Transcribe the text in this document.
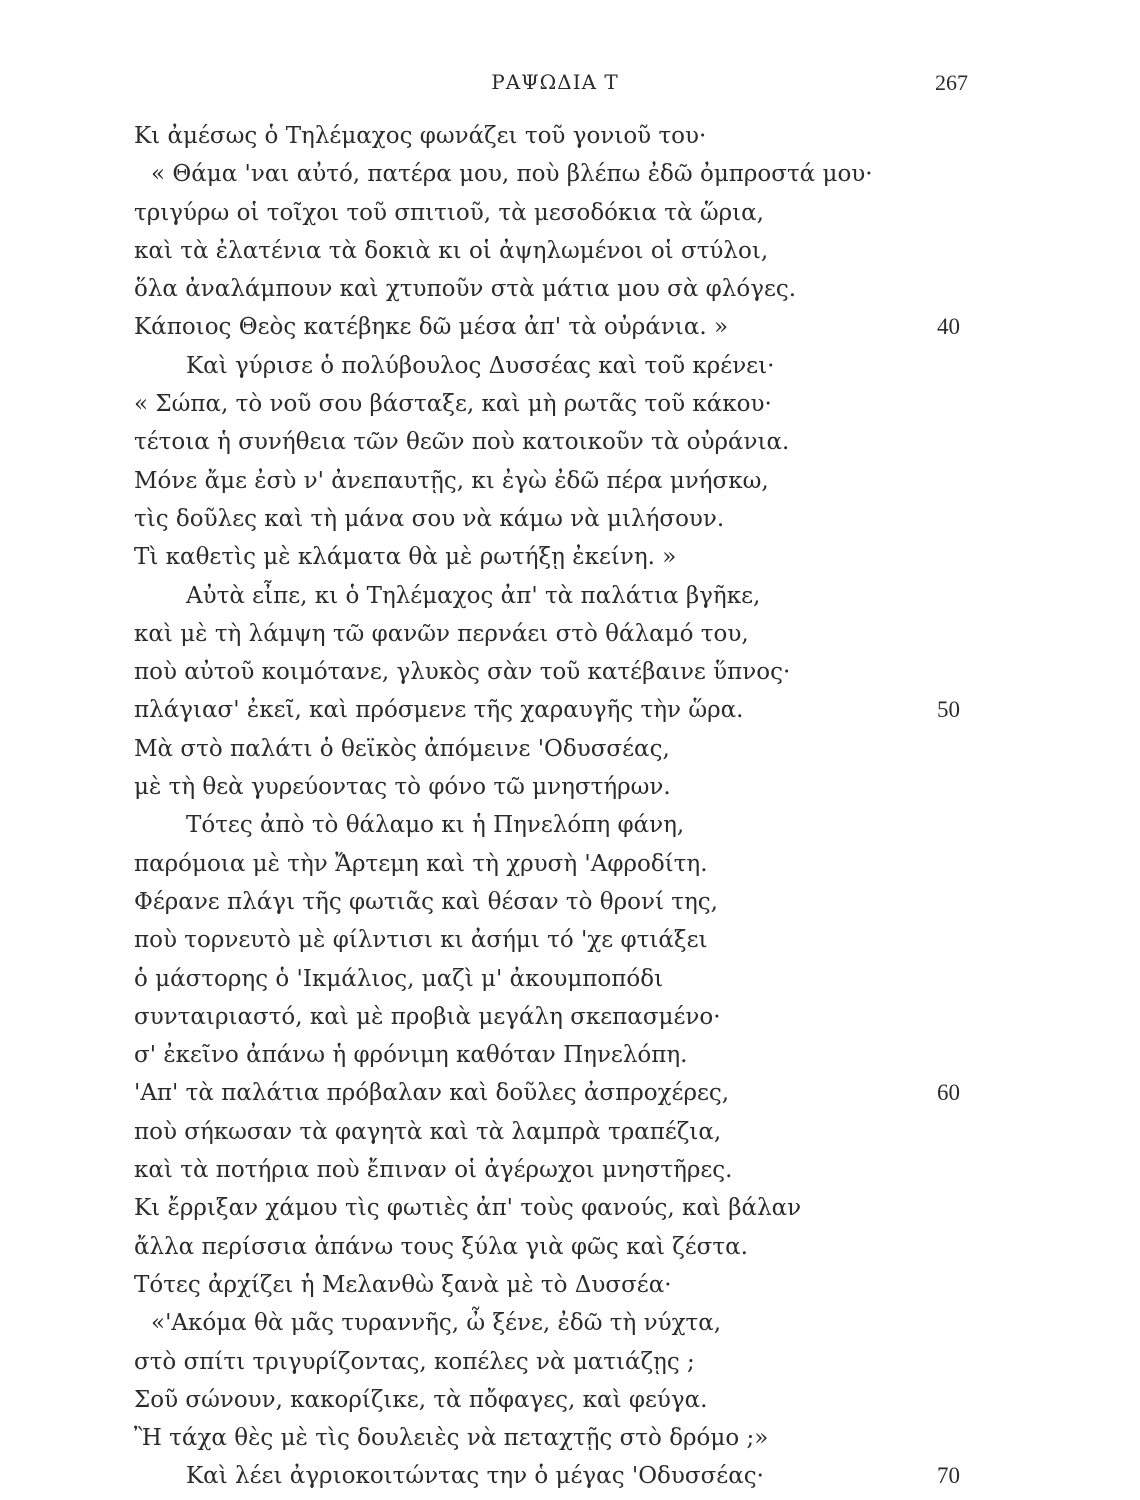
ΡΑΨΩΔΙΑ Τ	267
Κι ἀμέσως ὁ Τηλέμαχος φωνάζει τοῦ γονιοῦ του·
« Θάμα 'ναι αὐτό, πατέρα μου, ποὺ βλέπω ἐδῶ ὀμπροστά μου·
τριγύρω οἱ τοῖχοι τοῦ σπιτιοῦ, τὰ μεσοδόκια τὰ ὥρια,
καὶ τὰ ἐλατένια τὰ δοκιὰ κι οἱ ἀψηλωμένοι οἱ στύλοι,
ὅλα ἀναλάμπουν καὶ χτυποῦν στὰ μάτια μου σὰ φλόγες.
Κάποιος Θεὸς κατέβηκε δῶ μέσα ἀπ' τὰ οὐράνια. »	40
Καὶ γύρισε ὁ πολύβουλος Δυσσέας καὶ τοῦ κρένει·
« Σώπα, τὸ νοῦ σου βάσταξε, καὶ μὴ ρωτᾶς τοῦ κάκου·
τέτοια ἡ συνήθεια τῶν θεῶν ποὺ κατοικοῦν τὰ οὐράνια.
Μόνε ἄμε ἐσὺ ν' ἀνεπαυτῇς, κι ἐγὼ ἐδῶ πέρα μνήσκω,
τὶς δοῦλες καὶ τὴ μάνα σου νὰ κάμω νὰ μιλήσουν.
Τὶ καθετὶς μὲ κλάματα θὰ μὲ ρωτήξῃ ἐκείνη. »
Αὐτὰ εἶπε, κι ὁ Τηλέμαχος ἀπ' τὰ παλάτια βγῆκε,
καὶ μὲ τὴ λάμψη τῶ φανῶν περνάει στὸ θάλαμό του,
ποὺ αὐτοῦ κοιμότανε, γλυκὸς σὰν τοῦ κατέβαινε ὕπνος·
πλάγιασ' ἐκεῖ, καὶ πρόσμενε τῆς χαραυγῆς τὴν ὥρα.	50
Μὰ στὸ παλάτι ὁ θεϊκὸς ἀπόμεινε 'Οδυσσέας,
μὲ τὴ θεὰ γυρεύοντας τὸ φόνο τῶ μνηστήρων.
Τότες ἀπὸ τὸ θάλαμο κι ἡ Πηνελόπη φάνη,
παρόμοια μὲ τὴν Ἄρτεμη καὶ τὴ χρυσὴ 'Αφροδίτη.
Φέρανε πλάγι τῆς φωτιᾶς καὶ θέσαν τὸ θρονί της,
ποὺ τορνευτὸ μὲ φίλντισι κι ἀσήμι τό 'χε φτιάξει
ὁ μάστορης ὁ 'Ικμάλιος, μαζὶ μ' ἀκουμποπόδι
συνταιριαστό, καὶ μὲ προβιὰ μεγάλη σκεπασμένο·
σ' ἐκεῖνο ἀπάνω ἡ φρόνιμη καθόταν Πηνελόπη.
'Απ' τὰ παλάτια πρόβαλαν καὶ δοῦλες ἀσπροχέρες,	60
ποὺ σήκωσαν τὰ φαγητὰ καὶ τὰ λαμπρὰ τραπέζια,
καὶ τὰ ποτήρια ποὺ ἔπιναν οἱ ἀγέρωχοι μνηστῆρες.
Κι ἔρριξαν χάμου τὶς φωτιὲς ἀπ' τοὺς φανούς, καὶ βάλαν
ἄλλα περίσσια ἀπάνω τους ξύλα γιὰ φῶς καὶ ζέστα.
Τότες ἀρχίζει ἡ Μελανθὼ ξανὰ μὲ τὸ Δυσσέα·
«'Ακόμα θὰ μᾶς τυραννῆς, ὦ ξένε, ἐδῶ τὴ νύχτα,
στὸ σπίτι τριγυρίζοντας, κοπέλες νὰ ματιάζῃς ;
Σοῦ σώνουν, κακορίζικε, τὰ πὄφαγες, καὶ φεύγα.
Ἢ τάχα θὲς μὲ τὶς δουλειὲς νὰ πεταχτῇς στὸ δρόμο ;»
Καὶ λέει ἀγριοκοιτώντας την ὁ μέγας 'Οδυσσέας·	70
